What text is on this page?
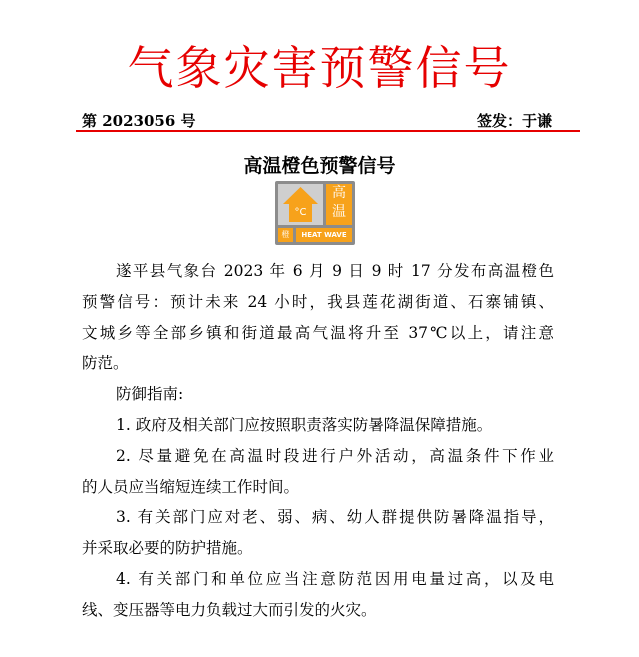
气象灾害预警信号
第 2023056 号	签发：于谦
高温橙色预警信号
°C
高
温
橙	HEAT WAVE
遂平县气象台 2023 年 6 月 9 日 9 时 17 分发布高温橙色
预警信号：预计未来 24 小时，我县莲花湖街道、石寨铺镇、
文城乡等全部乡镇和街道最高气温将升至 37℃以上，请注意
防范。
防御指南:
1. 政府及相关部门应按照职责落实防暑降温保障措施。
2. 尽量避免在高温时段进行户外活动，高温条件下作业
的人员应当缩短连续工作时间。
3. 有关部门应对老、弱、病、幼人群提供防暑降温指导，
并采取必要的防护措施。
4. 有关部门和单位应当注意防范因用电量过高，以及电
线、变压器等电力负载过大而引发的火灾。
